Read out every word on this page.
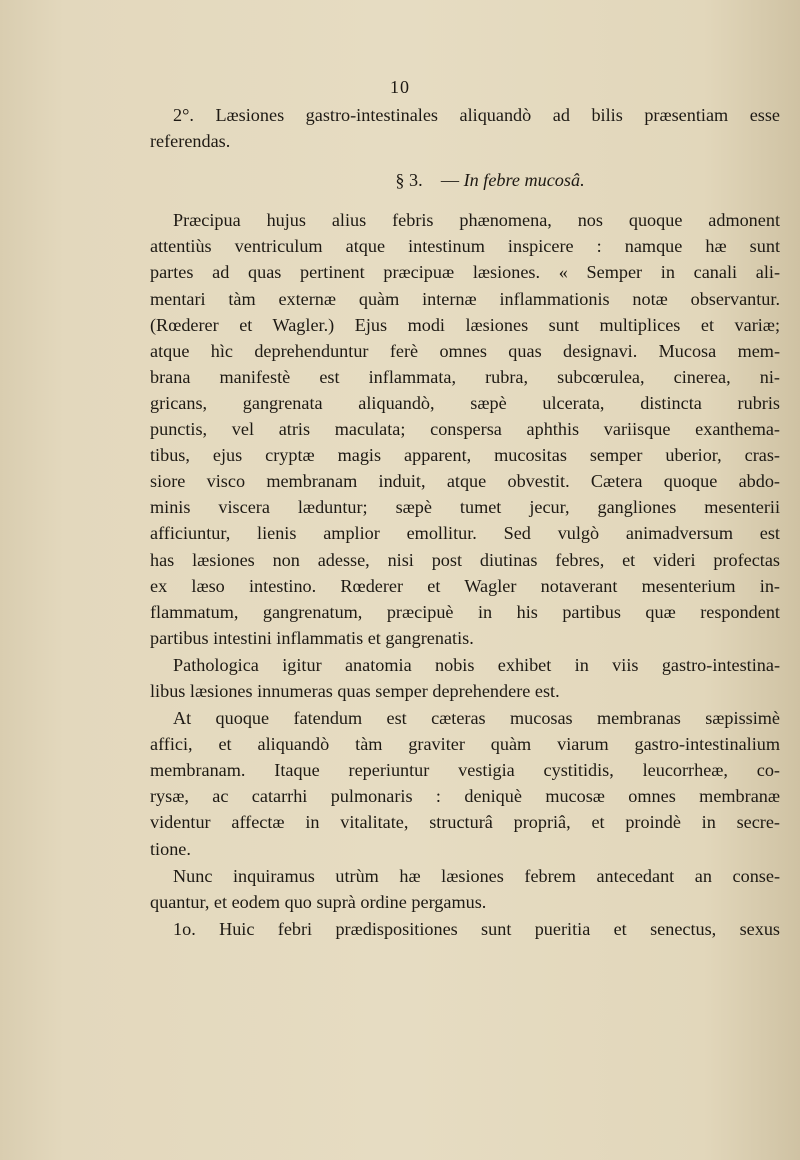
10
2°. Læsiones gastro-intestinales aliquandò ad bilis præsentiam esse
referendas.
§ 3.   — In febre mucosâ.
Præcipua hujus alius febris phænomena, nos quoque admonent
attentiùs ventriculum atque intestinum inspicere : namque hæ sunt
partes ad quas pertinent præcipuæ læsiones. « Semper in canali ali-
mentari tàm externæ quàm internæ inflammationis notæ observantur.
(Rœderer et Wagler.) Ejus modi læsiones sunt multiplices et variæ;
atque hìc deprehenduntur ferè omnes quas designavi. Mucosa mem-
brana manifestè est inflammata, rubra, subcœrulea, cinerea, ni-
gricans, gangrenata aliquandò, sæpè ulcerata, distincta rubris
punctis, vel atris maculata; conspersa aphthis variisque exanthema-
tibus, ejus cryptæ magis apparent, mucositas semper uberior, cras-
siore visco membranam induit, atque obvestit. Cætera quoque abdo-
minis viscera læduntur; sæpè tumet jecur, gangliones mesenterii
afficiuntur, lienis amplior emollitur. Sed vulgò animadversum est
has læsiones non adesse, nisi post diutinas febres, et videri profectas
ex læso intestino. Rœderer et Wagler notaverant mesenterium in-
flammatum, gangrenatum, præcipuè in his partibus quæ respondent
partibus intestini inflammatis et gangrenatis.
Pathologica igitur anatomia nobis exhibet in viis gastro-intestina-
libus læsiones innumeras quas semper deprehendere est.
At quoque fatendum est cæteras mucosas membranas sæpissimè
affici, et aliquandò tàm graviter quàm viarum gastro-intestinalium
membranam. Itaque reperiuntur vestigia cystitidis, leucorrheæ, co-
rysæ, ac catarrhi pulmonaris : deniquè mucosæ omnes membranæ
videntur affectæ in vitalitate, structurâ propriâ, et proindè in secre-
tione.
Nunc inquiramus utrùm hæ læsiones febrem antecedant an conse-
quantur, et eodem quo suprà ordine pergamus.
1o. Huic febri prædispositiones sunt pueritia et senectus, sexus
